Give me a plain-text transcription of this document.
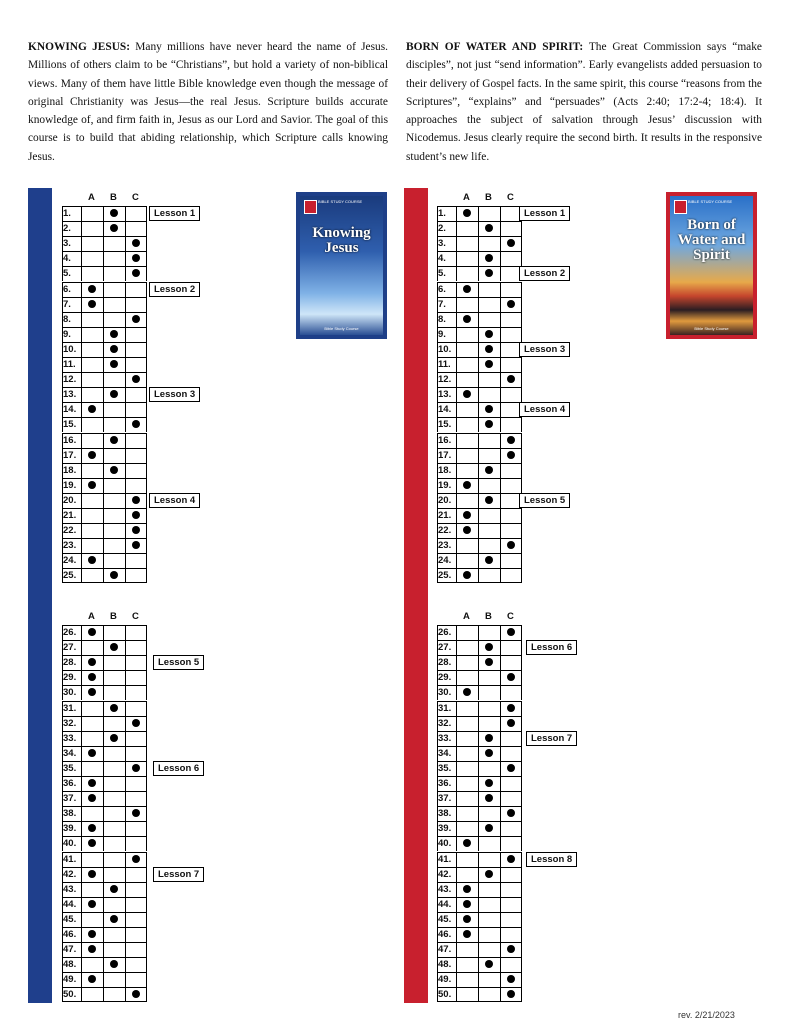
KNOWING JESUS: Many millions have never heard the name of Jesus. Millions of others claim to be “Christians”, but hold a variety of non-biblical views. Many of them have little Bible knowledge even though the message of original Christianity was Jesus—the real Jesus. Scripture builds accurate knowledge of, and firm faith in, Jesus as our Lord and Savior. The goal of this course is to build that abiding relationship, which Scripture calls knowing Jesus.
BORN OF WATER AND SPIRIT: The Great Commission says “make disciples”, not just “send information”. Early evangelists added persuasion to their delivery of Gospel facts. In the same spirit, this course “reasons from the Scriptures”, “explains” and “persuades” (Acts 2:40; 17:2-4; 18:4). It approaches the subject of salvation through Jesus’ discussion with Nicodemus. Jesus clearly require the second birth. It results in the responsive student’s new life.
A B C
1.
2.
3.
4.
5.
6.
7.
8.
9.
10.
11.
12.
13.
14.
15.
16.
17.
18.
19.
20.
21.
22.
23.
24.
25.
Lesson 1
Lesson 2
Lesson 3
Lesson 4
A B C
26.
27.
28.
29.
30.
31.
32.
33.
34.
35.
36.
37.
38.
39.
40.
41.
42.
43.
44.
45.
46.
47.
48.
49.
50.
Lesson 5
Lesson 6
Lesson 7
A B C
1.
2.
3.
4.
5.
6.
7.
8.
9.
10.
11.
12.
13.
14.
15.
16.
17.
18.
19.
20.
21.
22.
23.
24.
25.
Lesson 1
Lesson 2
Lesson 3
Lesson 4
Lesson 5
A B C
26.
27.
28.
29.
30.
31.
32.
33.
34.
35.
36.
37.
38.
39.
40.
41.
42.
43.
44.
45.
46.
47.
48.
49.
50.
Lesson 6
Lesson 7
Lesson 8
BIBLE STUDY COURSE
Knowing Jesus
Bible Study Course
BIBLE STUDY COURSE
Born of Water and Spirit
Bible Study Course
rev. 2/21/2023
